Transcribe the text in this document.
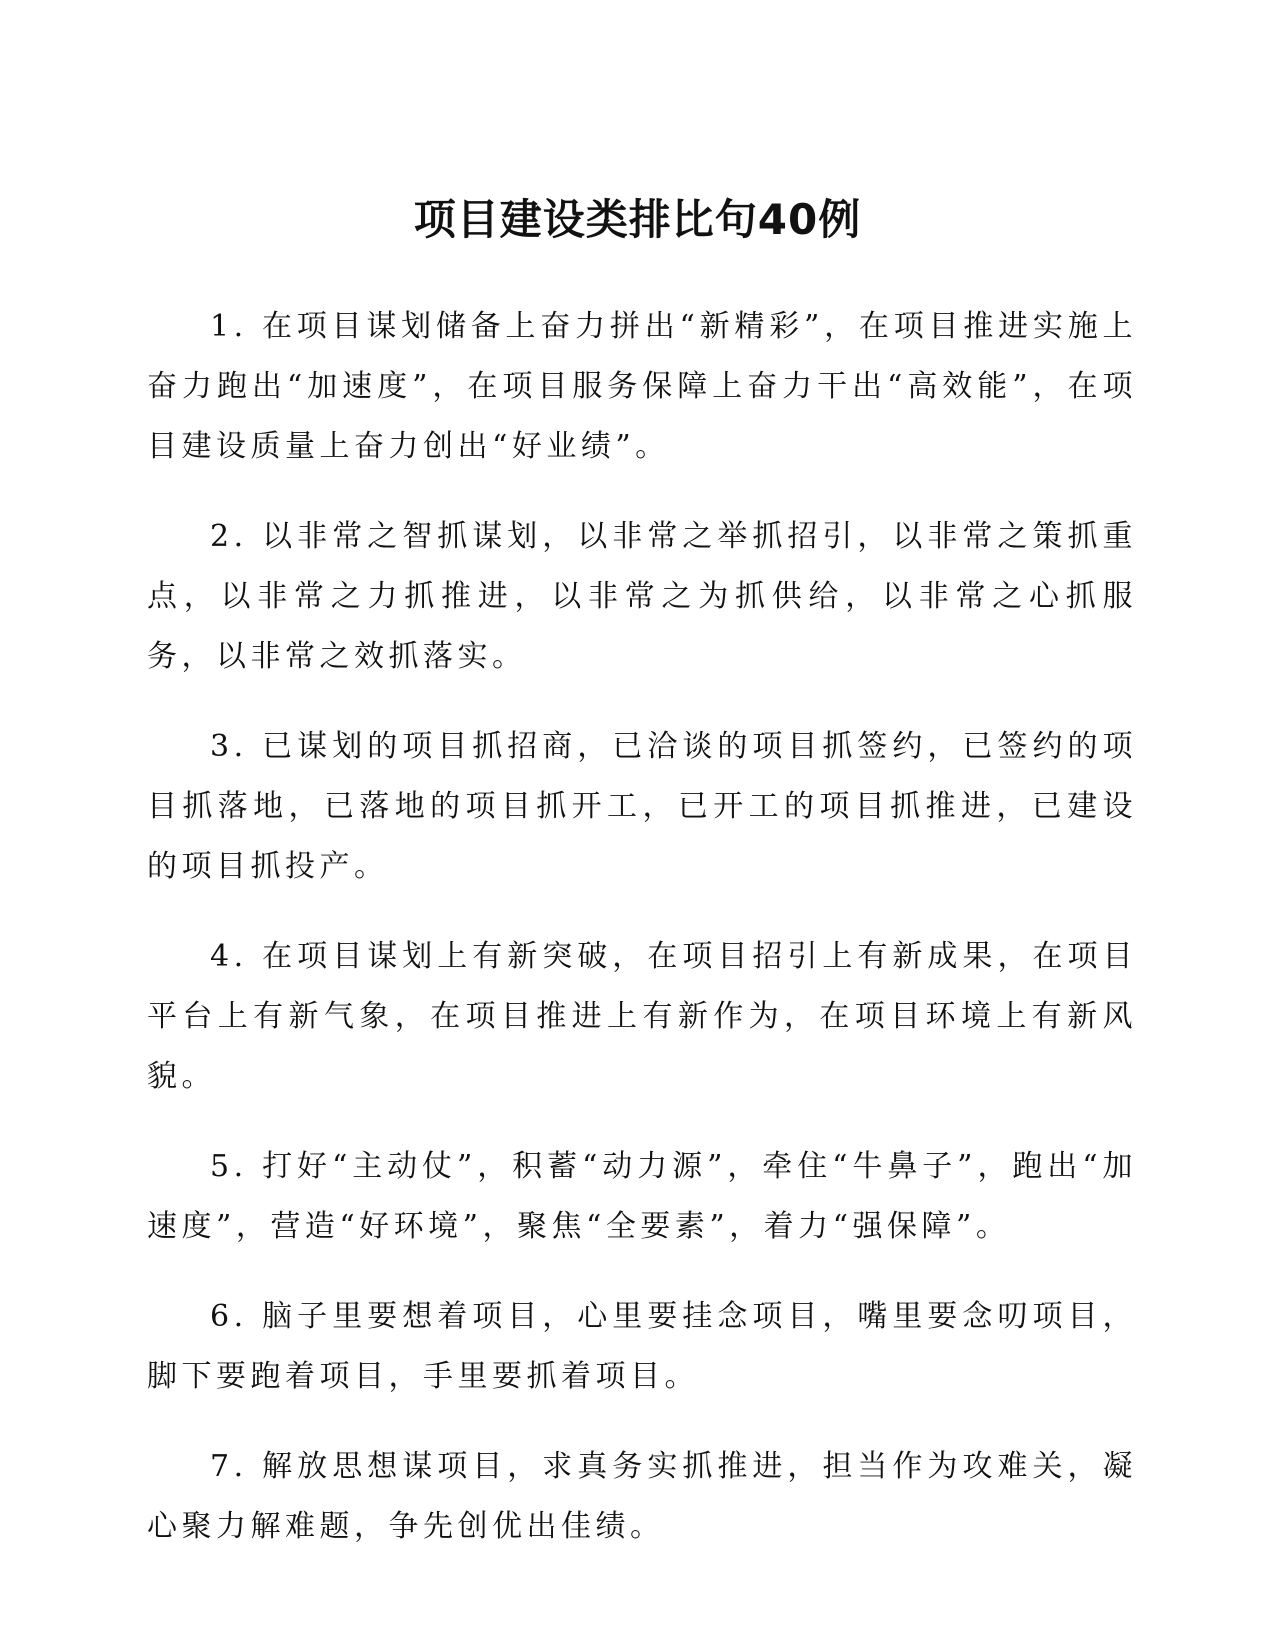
项目建设类排比句40例

1. 在项目谋划储备上奋力拼出“新精彩”，在项目推进实施上奋力跑出“加速度”，在项目服务保障上奋力干出“高效能”，在项目建设质量上奋力创出“好业绩”。

2. 以非常之智抓谋划，以非常之举抓招引，以非常之策抓重点，以非常之力抓推进，以非常之为抓供给，以非常之心抓服务，以非常之效抓落实。

3. 已谋划的项目抓招商，已洽谈的项目抓签约，已签约的项目抓落地，已落地的项目抓开工，已开工的项目抓推进，已建设的项目抓投产。

4. 在项目谋划上有新突破，在项目招引上有新成果，在项目平台上有新气象，在项目推进上有新作为，在项目环境上有新风貌。

5. 打好“主动仗”，积蓄“动力源”，牵住“牛鼻子”，跑出“加速度”，营造“好环境”，聚焦“全要素”，着力“强保障”。

6. 脑子里要想着项目，心里要挂念项目，嘴里要念叨项目，脚下要跑着项目，手里要抓着项目。

7. 解放思想谋项目，求真务实抓推进，担当作为攻难关，凝心聚力解难题，争先创优出佳绩。
